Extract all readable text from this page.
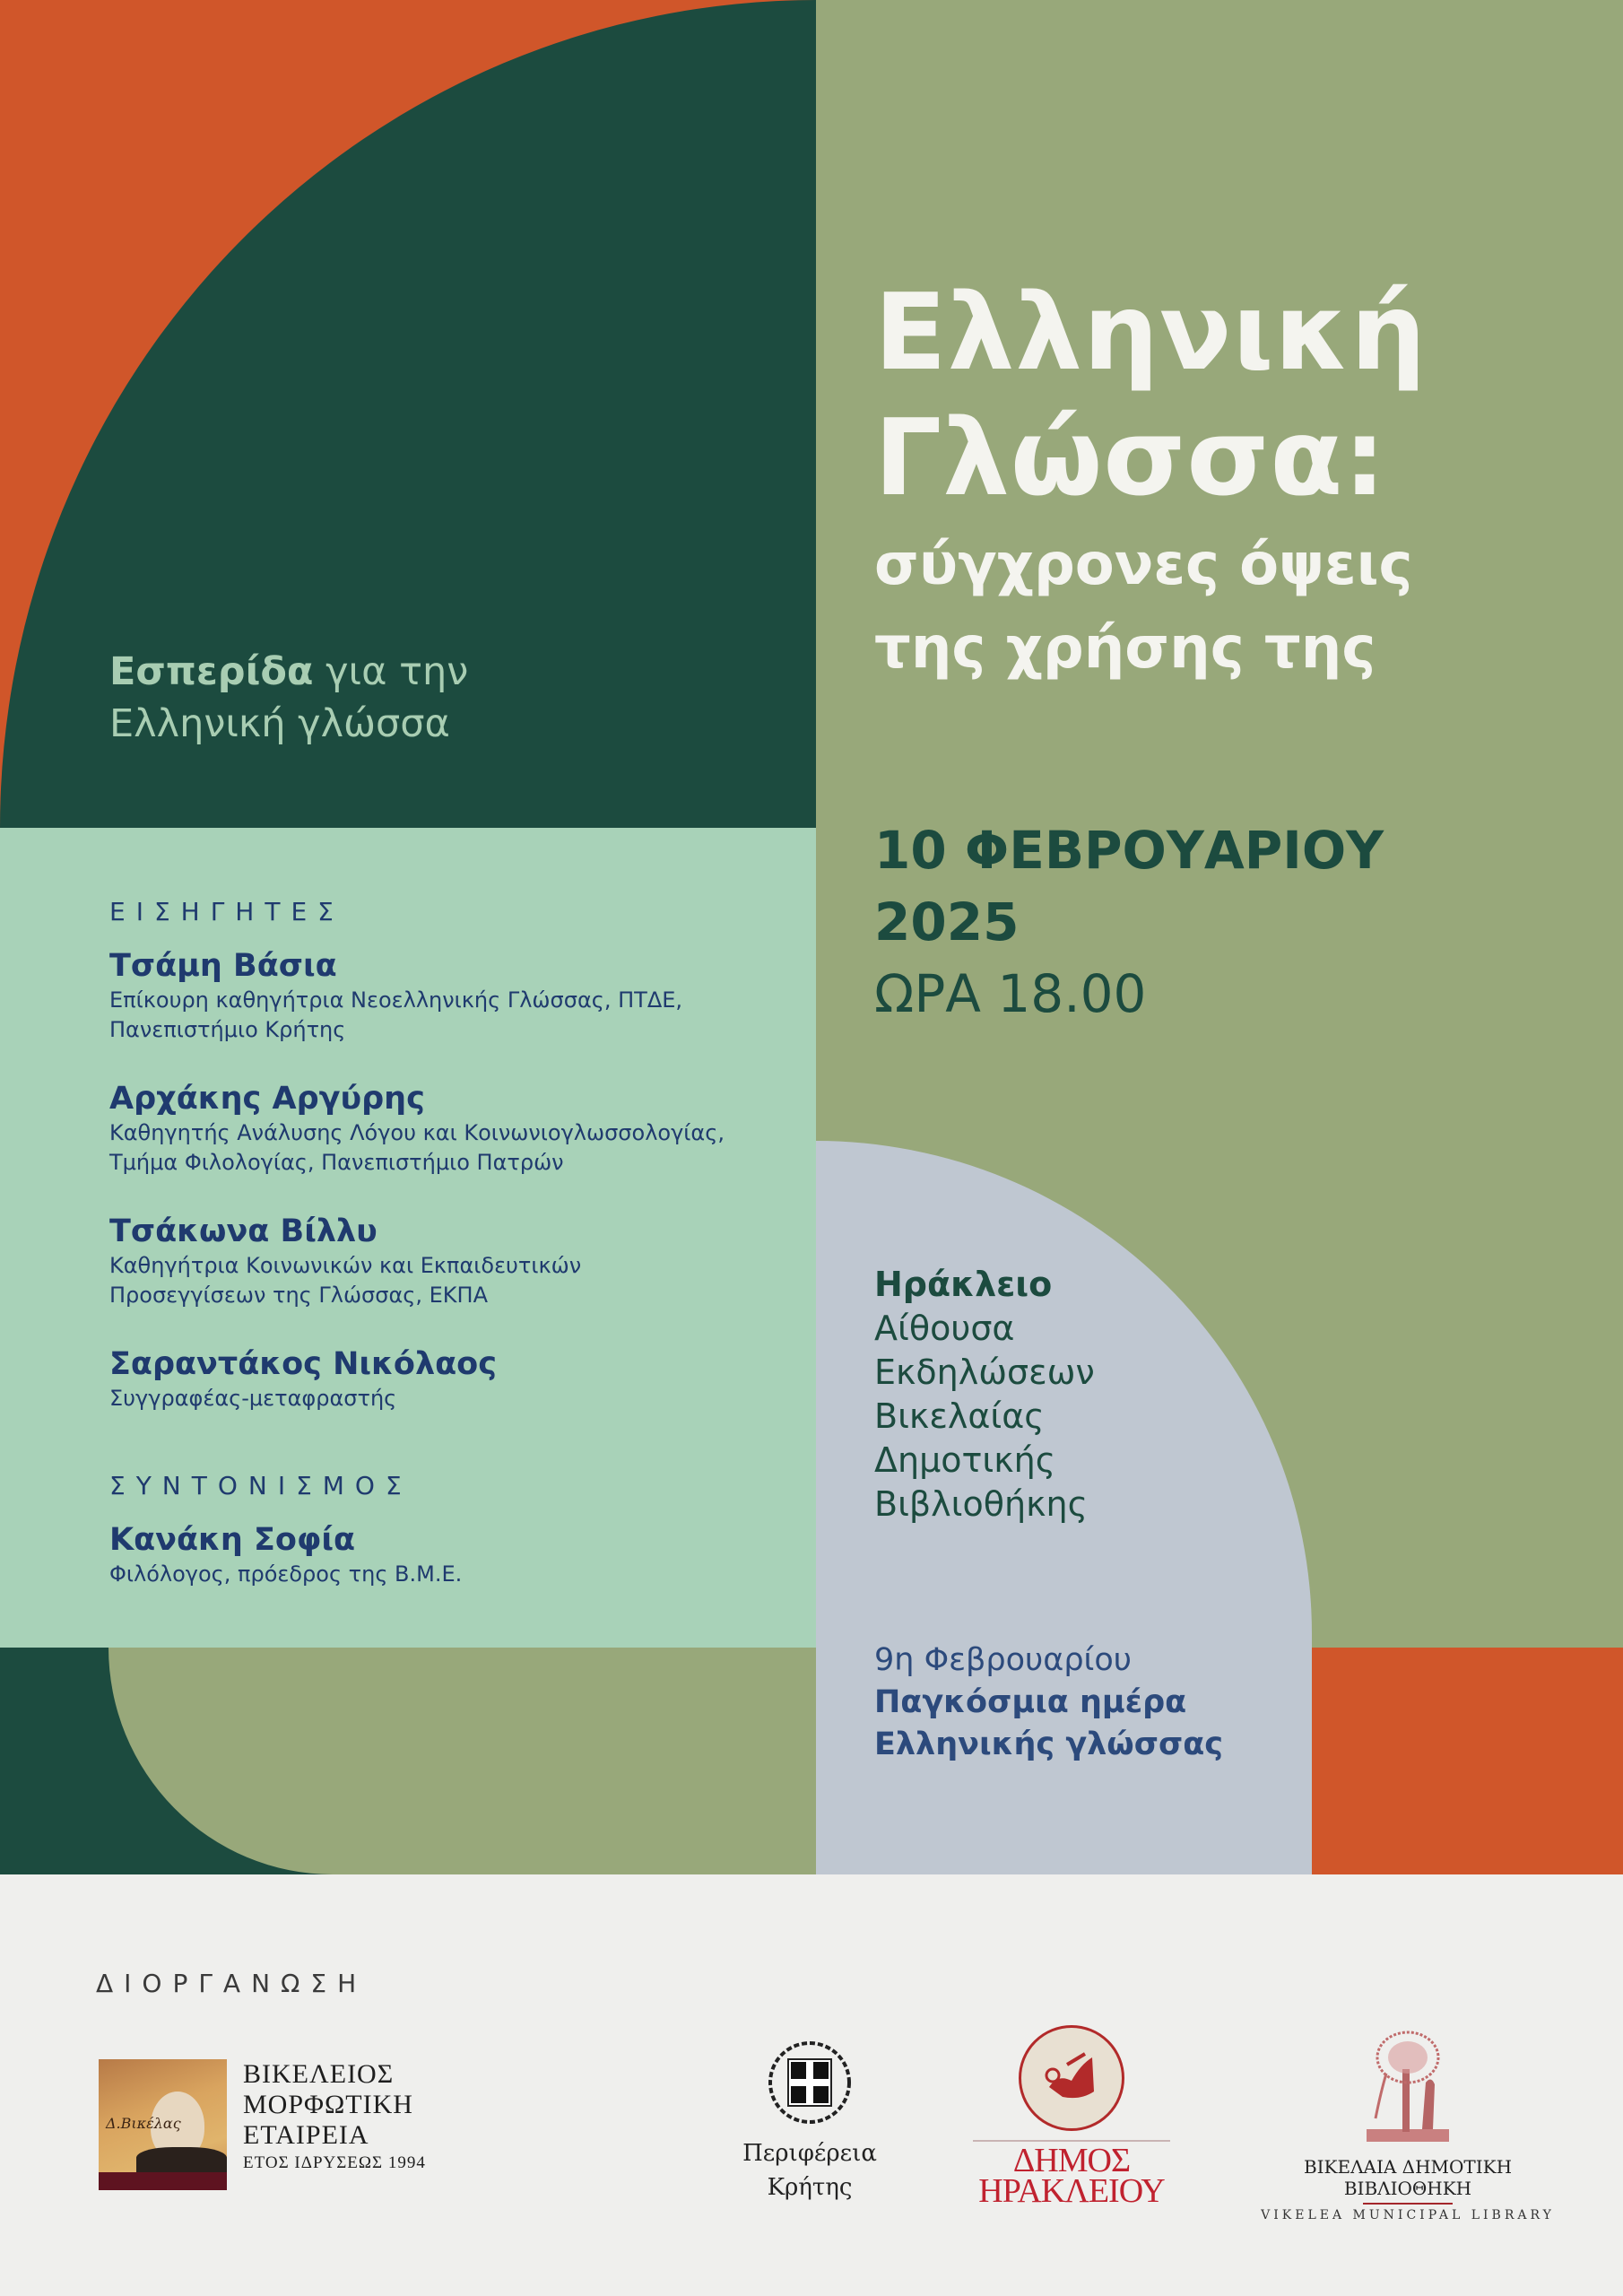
Εσπερίδα για την
Ελληνική γλώσσα
Ελληνική
Γλώσσα:
σύγχρονες όψεις
της χρήσης της
10 ΦΕΒΡΟΥΑΡΙΟΥ
2025
ΩΡΑ 18.00
ΕΙΣΗΓΗΤΕΣ
Τσάμη Βάσια
Επίκουρη καθηγήτρια Νεοελληνικής Γλώσσας, ΠΤΔΕ,
Πανεπιστήμιο Κρήτης
Αρχάκης Αργύρης
Καθηγητής Ανάλυσης Λόγου και Κοινωνιογλωσσολογίας,
Τμήμα Φιλολογίας, Πανεπιστήμιο Πατρών
Τσάκωνα Βίλλυ
Καθηγήτρια Κοινωνικών και Εκπαιδευτικών
Προσεγγίσεων της Γλώσσας, ΕΚΠΑ
Σαραντάκος Νικόλαος
Συγγραφέας-μεταφραστής
ΣΥΝΤΟΝΙΣΜΟΣ
Κανάκη Σοφία
Φιλόλογος, πρόεδρος της Β.Μ.Ε.
Ηράκλειο
Αίθουσα
Εκδηλώσεων
Βικελαίας
Δημοτικής
Βιβλιοθήκης
9η Φεβρουαρίου
Παγκόσμια ημέρα
Ελληνικής γλώσσας
ΔΙΟΡΓΑΝΩΣΗ
Δ.Βικέλας
ΒΙΚΕΛΕΙΟΣ
ΜΟΡΦΩΤΙΚΗ
ΕΤΑΙΡΕΙΑ
ΕΤΟΣ ΙΔΡΥΣΕΩΣ 1994	Περιφέρεια
Κρήτης
ΔΗΜΟΣ
ΗΡΑΚΛΕΙΟΥ
ΒΙΚΕΛΑΙΑ ΔΗΜΟΤΙΚΗ ΒΙΒΛΙΟΘΗΚΗ
VIKELEA MUNICIPAL LIBRARY
